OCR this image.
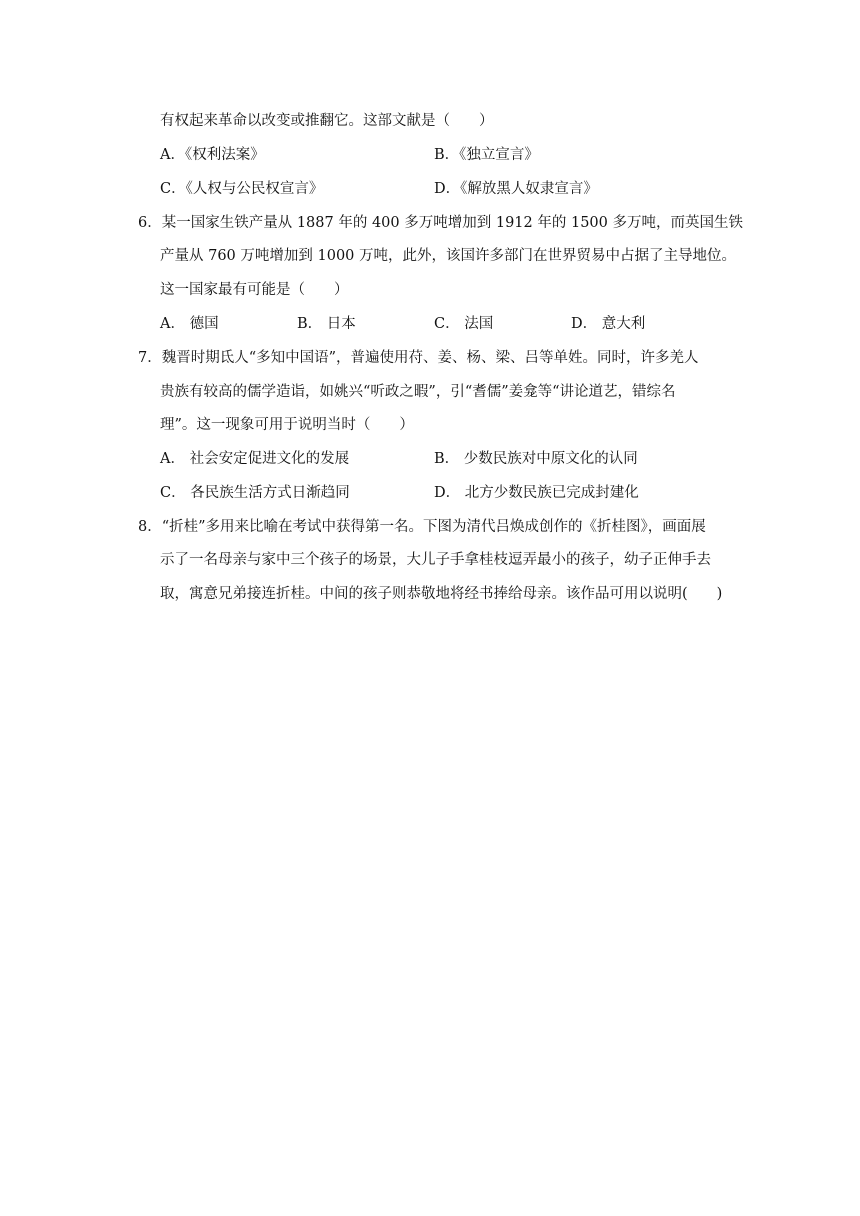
有权起来革命以改变或推翻它。这部文献是（　　）
A．《权利法案》	B．《独立宣言》
C．《人权与公民权宣言》	D．《解放黑人奴隶宣言》
6．某一国家生铁产量从 1887 年的 400 多万吨增加到 1912 年的 1500 多万吨，而英国生铁
产量从 760 万吨增加到 1000 万吨，此外，该国许多部门在世界贸易中占据了主导地位。
这一国家最有可能是（　　）
A． 德国	B． 日本	C． 法国	D． 意大利
7．魏晋时期氐人“多知中国语”，普遍使用苻、姜、杨、梁、吕等单姓。同时，许多羌人
贵族有较高的儒学造诣，如姚兴“听政之暇”，引“耆儒”姜龛等“讲论道艺，错综名
理”。这一现象可用于说明当时（　　）
A． 社会安定促进文化的发展	B． 少数民族对中原文化的认同
C． 各民族生活方式日渐趋同	D． 北方少数民族已完成封建化
8．“折桂”多用来比喻在考试中获得第一名。下图为清代吕焕成创作的《折桂图》，画面展
示了一名母亲与家中三个孩子的场景，大儿子手拿桂枝逗弄最小的孩子，幼子正伸手去
取，寓意兄弟接连折桂。中间的孩子则恭敬地将经书捧给母亲。该作品可用以说明(　　)
